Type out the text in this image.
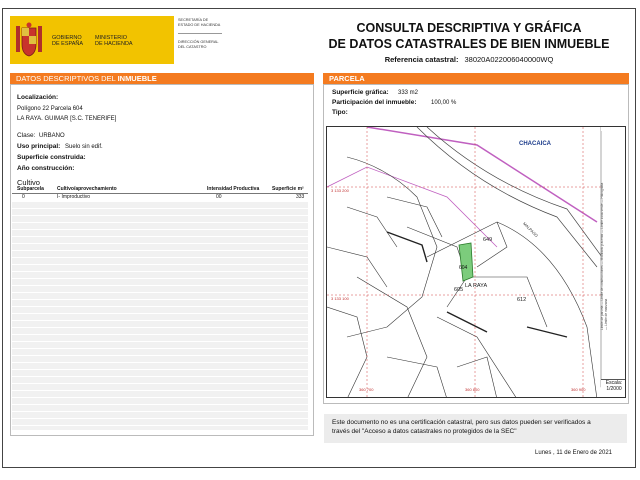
GOBIERNO
DE ESPAÑA
MINISTERIO
DE HACIENDA
SECRETARÍA DE ESTADO DE HACIENDA
DIRECCIÓN GENERAL DEL CATASTRO
CONSULTA DESCRIPTIVA Y GRÁFICA
DE DATOS CATASTRALES DE BIEN INMUEBLE
Referencia catastral: 38020A022006040000WQ
DATOS DESCRIPTIVOS DEL INMUEBLE
Localización:
Polígono 22 Parcela 604
LA RAYA. GUIMAR [S.C. TENERIFE]
Clase: URBANO
Uso principal: Suelo sin edif.
Superficie construida:
Año construcción:
Cultivo
Subparcela	Cultivo/aprovechamiento	Intensidad Productiva	Superficie m²
0	I- Improductivo	00	333
PARCELA
Superficie gráfica: 333 m2
Participación del inmueble: 100,00 %
Tipo:
CHACAICA
MALPASO
LA RAYA
604
649
605
612
3 133 200
3 133 100
360 700	360 800	360 900
Límite de parcela — Límite de construcciones — Mobiliario y aceras — Límite zona verde — Hidrografía — Límite de manzana
Escala:
1/2000
Este documento no es una certificación catastral, pero sus datos pueden ser verificados a
través del "Acceso a datos catastrales no protegidos de la SEC"
Lunes , 11 de Enero de 2021
